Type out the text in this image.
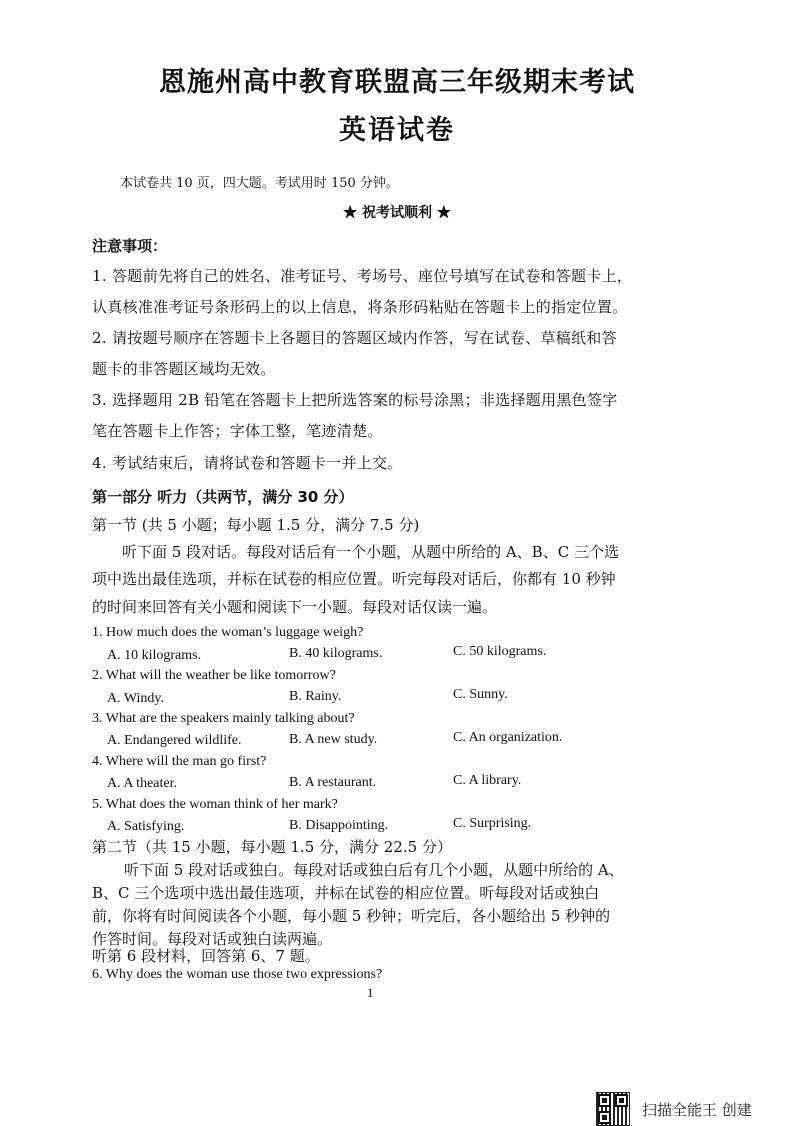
恩施州高中教育联盟高三年级期末考试
英语试卷
本试卷共 10 页，四大题。考试用时 150 分钟。
★ 祝考试顺利 ★
注意事项：
1. 答题前先将自己的姓名、准考证号、考场号、座位号填写在试卷和答题卡上，
认真核准准考证号条形码上的以上信息，将条形码粘贴在答题卡上的指定位置。
2. 请按题号顺序在答题卡上各题目的答题区域内作答，写在试卷、草稿纸和答
题卡的非答题区域均无效。
3. 选择题用 2B 铅笔在答题卡上把所选答案的标号涂黑；非选择题用黑色签字
笔在答题卡上作答；字体工整，笔迹清楚。
4. 考试结束后，请将试卷和答题卡一并上交。
第一部分 听力（共两节，满分 30 分）
第一节 (共 5 小题；每小题 1.5 分，满分 7.5 分)
听下面 5 段对话。每段对话后有一个小题，从题中所给的 A、B、C 三个选
项中选出最佳选项，并标在试卷的相应位置。听完每段对话后，你都有 10 秒钟
的时间来回答有关小题和阅读下一小题。每段对话仅读一遍。
1. How much does the woman’s luggage weigh?
A. 10 kilograms.	B. 40 kilograms.	C. 50 kilograms.
2. What will the weather be like tomorrow?
A. Windy.	B. Rainy.	C. Sunny.
3. What are the speakers mainly talking about?
A. Endangered wildlife.	B. A new study.	C. An organization.
4. Where will the man go first?
A. A theater.	B. A restaurant.	C. A library.
5. What does the woman think of her mark?
A. Satisfying.	B. Disappointing.	C. Surprising.
第二节（共 15 小题，每小题 1.5 分，满分 22.5 分）
听下面 5 段对话或独白。每段对话或独白后有几个小题，从题中所给的 A、
B、C 三个选项中选出最佳选项，并标在试卷的相应位置。听每段对话或独白
前，你将有时间阅读各个小题，每小题 5 秒钟；听完后，各小题给出 5 秒钟的
作答时间。每段对话或独白读两遍。
听第 6 段材料，回答第 6、7 题。
6. Why does the woman use those two expressions?
1
扫描全能王 创建
